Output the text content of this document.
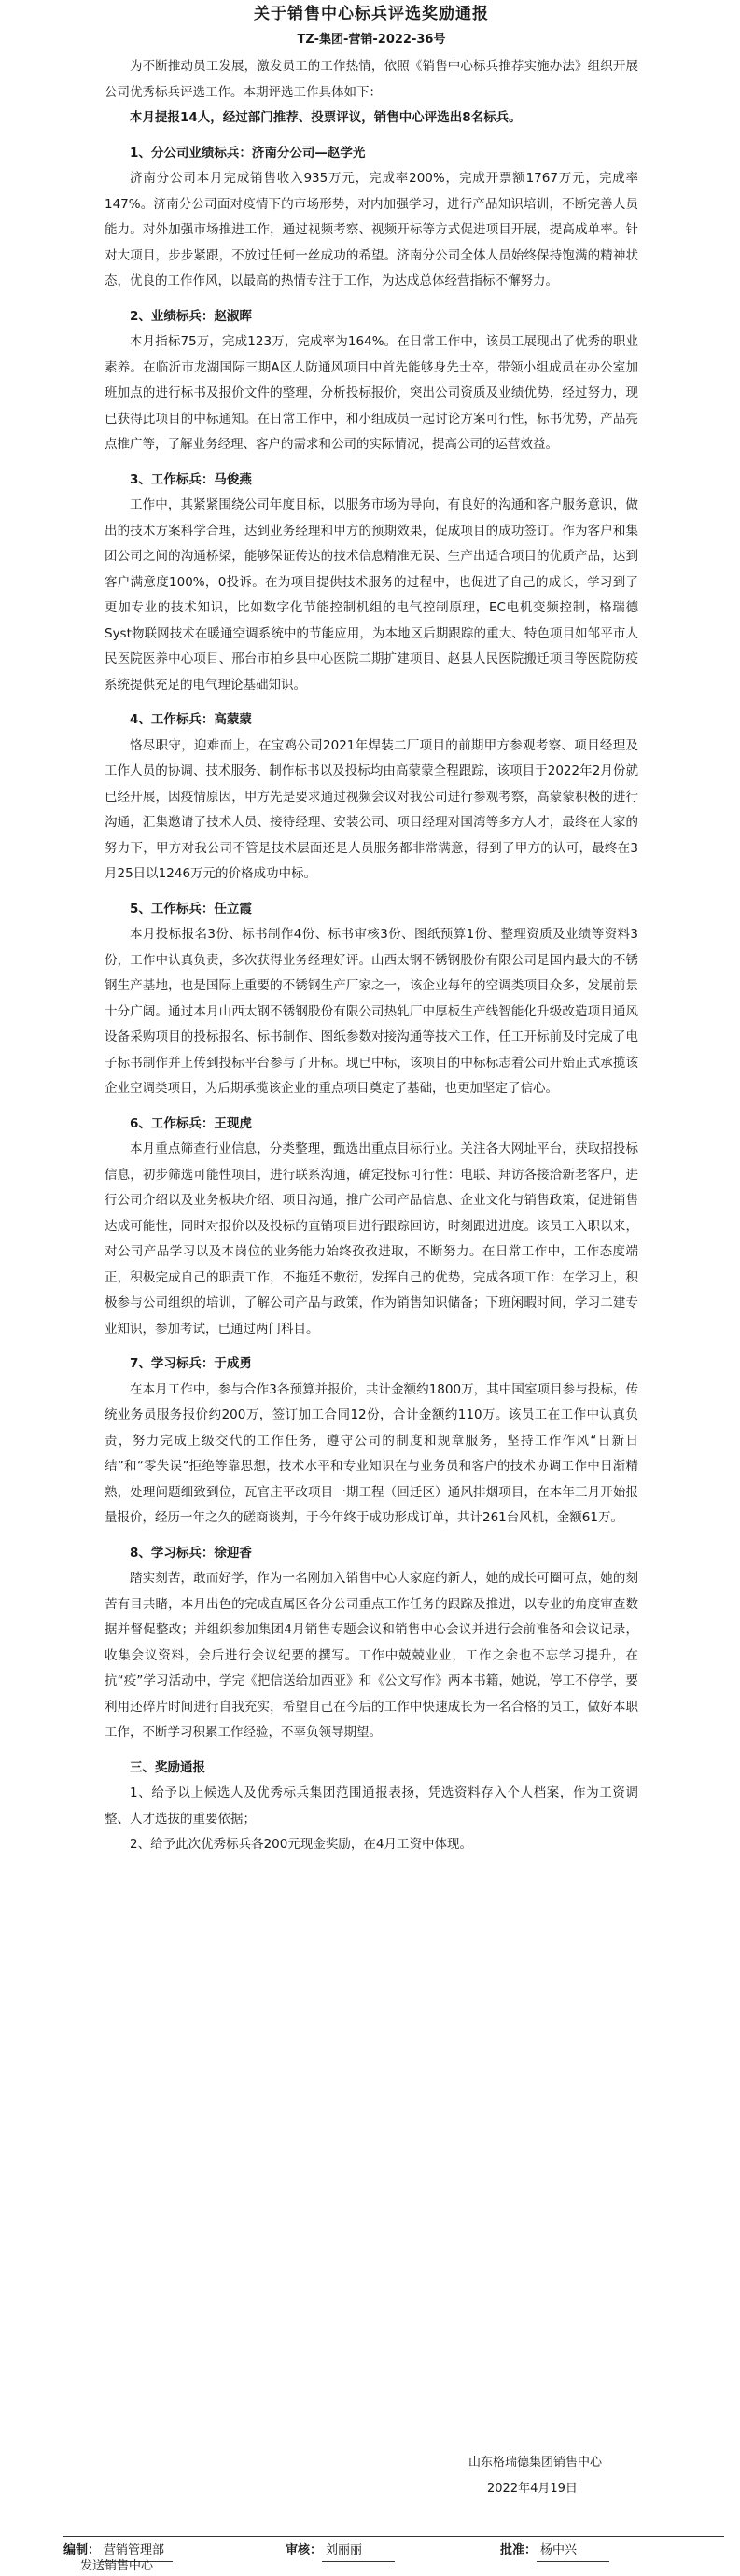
关于销售中心标兵评选奖励通报
TZ-集团-营销-2022-36号

为不断推动员工发展，激发员工的工作热情，依照《销售中心标兵推荐实施办法》组织开展公司优秀标兵评选工作。本期评选工作具体如下：

本月提报14人，经过部门推荐、投票评议，销售中心评选出8名标兵。

1、分公司业绩标兵：济南分公司—赵学光

济南分公司本月完成销售收入935万元，完成率200%，完成开票额1767万元，完成率147%。济南分公司面对疫情下的市场形势，对内加强学习，进行产品知识培训，不断完善人员能力。对外加强市场推进工作，通过视频考察、视频开标等方式促进项目开展，提高成单率。针对大项目，步步紧跟，不放过任何一丝成功的希望。济南分公司全体人员始终保持饱满的精神状态，优良的工作作风，以最高的热情专注于工作，为达成总体经营指标不懈努力。

2、业绩标兵：赵淑晖

本月指标75万，完成123万，完成率为164%。在日常工作中，该员工展现出了优秀的职业素养。在临沂市龙湖国际三期A区人防通风项目中首先能够身先士卒，带领小组成员在办公室加班加点的进行标书及报价文件的整理，分析投标报价，突出公司资质及业绩优势，经过努力，现已获得此项目的中标通知。在日常工作中，和小组成员一起讨论方案可行性，标书优势，产品亮点推广等，了解业务经理、客户的需求和公司的实际情况，提高公司的运营效益。

3、工作标兵：马俊燕

工作中，其紧紧围绕公司年度目标，以服务市场为导向，有良好的沟通和客户服务意识，做出的技术方案科学合理，达到业务经理和甲方的预期效果，促成项目的成功签订。作为客户和集团公司之间的沟通桥梁，能够保证传达的技术信息精准无误、生产出适合项目的优质产品，达到客户满意度100%，0投诉。在为项目提供技术服务的过程中，也促进了自己的成长，学习到了更加专业的技术知识，比如数字化节能控制机组的电气控制原理，EC电机变频控制，格瑞德Syst物联网技术在暖通空调系统中的节能应用，为本地区后期跟踪的重大、特色项目如邹平市人民医院医养中心项目、邢台市柏乡县中心医院二期扩建项目、赵县人民医院搬迁项目等医院防疫系统提供充足的电气理论基础知识。

4、工作标兵：高蒙蒙

恪尽职守，迎难而上，在宝鸡公司2021年焊装二厂项目的前期甲方参观考察、项目经理及工作人员的协调、技术服务、制作标书以及投标均由高蒙蒙全程跟踪，该项目于2022年2月份就已经开展，因疫情原因，甲方先是要求通过视频会议对我公司进行参观考察，高蒙蒙积极的进行沟通，汇集邀请了技术人员、接待经理、安装公司、项目经理对国湾等多方人才，最终在大家的努力下，甲方对我公司不管是技术层面还是人员服务都非常满意，得到了甲方的认可，最终在3月25日以1246万元的价格成功中标。

5、工作标兵：任立霞

本月投标报名3份、标书制作4份、标书审核3份、图纸预算1份、整理资质及业绩等资料3份，工作中认真负责，多次获得业务经理好评。山西太钢不锈钢股份有限公司是国内最大的不锈钢生产基地，也是国际上重要的不锈钢生产厂家之一，该企业每年的空调类项目众多，发展前景十分广阔。通过本月山西太钢不锈钢股份有限公司热轧厂中厚板生产线智能化升级改造项目通风设备采购项目的投标报名、标书制作、图纸参数对接沟通等技术工作，任工开标前及时完成了电子标书制作并上传到投标平台参与了开标。现已中标，该项目的中标标志着公司开始正式承揽该企业空调类项目，为后期承揽该企业的重点项目奠定了基础，也更加坚定了信心。

6、工作标兵：王现虎

本月重点筛查行业信息，分类整理，甄选出重点目标行业。关注各大网址平台，获取招投标信息，初步筛选可能性项目，进行联系沟通，确定投标可行性：电联、拜访各接洽新老客户，进行公司介绍以及业务板块介绍、项目沟通，推广公司产品信息、企业文化与销售政策，促进销售达成可能性，同时对报价以及投标的直销项目进行跟踪回访，时刻跟进进度。该员工入职以来，对公司产品学习以及本岗位的业务能力始终孜孜进取，不断努力。在日常工作中，工作态度端正，积极完成自己的职责工作，不拖延不敷衍，发挥自己的优势，完成各项工作：在学习上，积极参与公司组织的培训，了解公司产品与政策，作为销售知识储备；下班闲暇时间，学习二建专业知识，参加考试，已通过两门科目。

7、学习标兵：于成勇

在本月工作中，参与合作3各预算并报价，共计金额约1800万，其中国室项目参与投标，传统业务员服务报价约200万，签订加工合同12份，合计金额约110万。该员工在工作中认真负责，努力完成上级交代的工作任务，遵守公司的制度和规章服务，坚持工作作风“日新日结”和“零失误”拒绝等靠思想，技术水平和专业知识在与业务员和客户的技术协调工作中日渐精熟，处理问题细致到位，瓦官庄平改项目一期工程（回迁区）通风排烟项目，在本年三月开始报量报价，经历一年之久的磋商谈判，于今年终于成功形成订单，共计261台风机，金额61万。

8、学习标兵：徐迎香

踏实刻苦，敢而好学，作为一名刚加入销售中心大家庭的新人，她的成长可圈可点，她的刻苦有目共睹，本月出色的完成直属区各分公司重点工作任务的跟踪及推进，以专业的角度审查数据并督促整改；并组织参加集团4月销售专题会议和销售中心会议并进行会前准备和会议记录，收集会议资料，会后进行会议纪要的撰写。工作中兢兢业业，工作之余也不忘学习提升，在抗“疫”学习活动中，学完《把信送给加西亚》和《公文写作》两本书籍，她说，停工不停学，要利用还碎片时间进行自我充实，希望自己在今后的工作中快速成长为一名合格的员工，做好本职工作，不断学习积累工作经验，不辜负领导期望。

三、奖励通报

1、给予以上候选人及优秀标兵集团范围通报表扬，凭选资料存入个人档案，作为工资调整、人才选拔的重要依据；

2、给予此次优秀标兵各200元现金奖励，在4月工资中体现。

山东格瑞德集团销售中心
2022年4月19日
编制： 营销管理部	审核： 刘丽丽	批准： 杨中兴
发送销售中心
